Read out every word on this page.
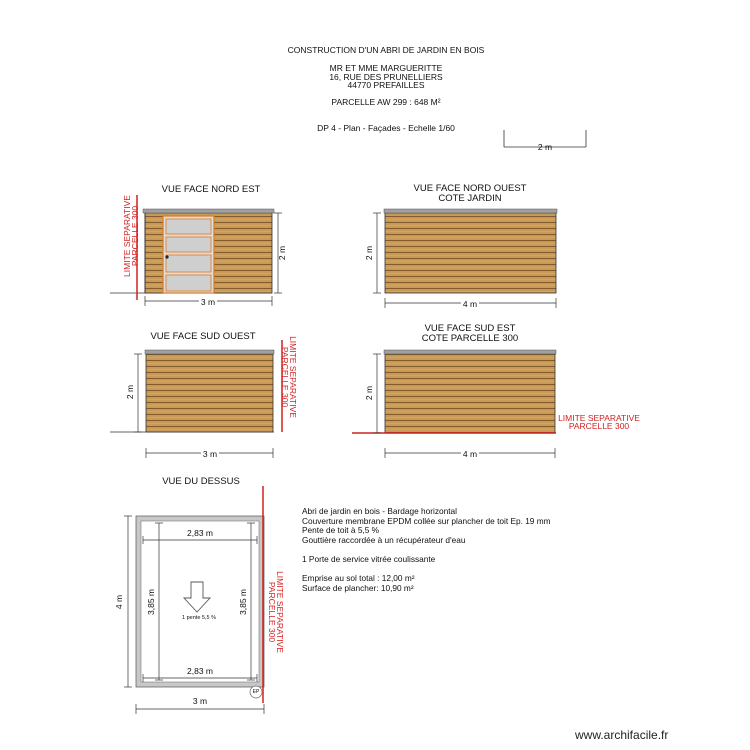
CONSTRUCTION D'UN ABRI DE JARDIN EN BOIS
MR ET MME MARGUERITTE
16, RUE DES PRUNELLIERS
44770 PREFAILLES
PARCELLE AW 299 : 648 M²
DP 4 - Plan - Façades - Echelle 1/60
2 m
VUE FACE NORD EST	VUE FACE NORD OUEST
COTE JARDIN
VUE FACE SUD OUEST
VUE FACE SUD EST
COTE PARCELLE 300
VUE DU DESSUS
3 m
2 m
4 m
2 m
3 m
2 m
4 m
2 m
2,83 m
2,83 m
3,85 m	3,85 m
3 m
4 m
1 pente 5,5 %
EP
LIMITE SEPARATIVE
PARCELLE 300
LIMITE SEPARATIVE
PARCELLE 300
LIMITE SEPARATIVE
PARCELLE 300
LIMITE SEPARATIVE
PARCELLE 300
Abri de jardin en bois - Bardage horizontal
Couverture membrane EPDM collée sur plancher de toit Ep. 19 mm
Pente de toit à 5,5 %
Gouttière raccordée à un récupérateur d'eau
1 Porte de service vitrée coulissante
Emprise au sol total : 12,00 m²
Surface de plancher: 10,90 m²
www.archifacile.fr
